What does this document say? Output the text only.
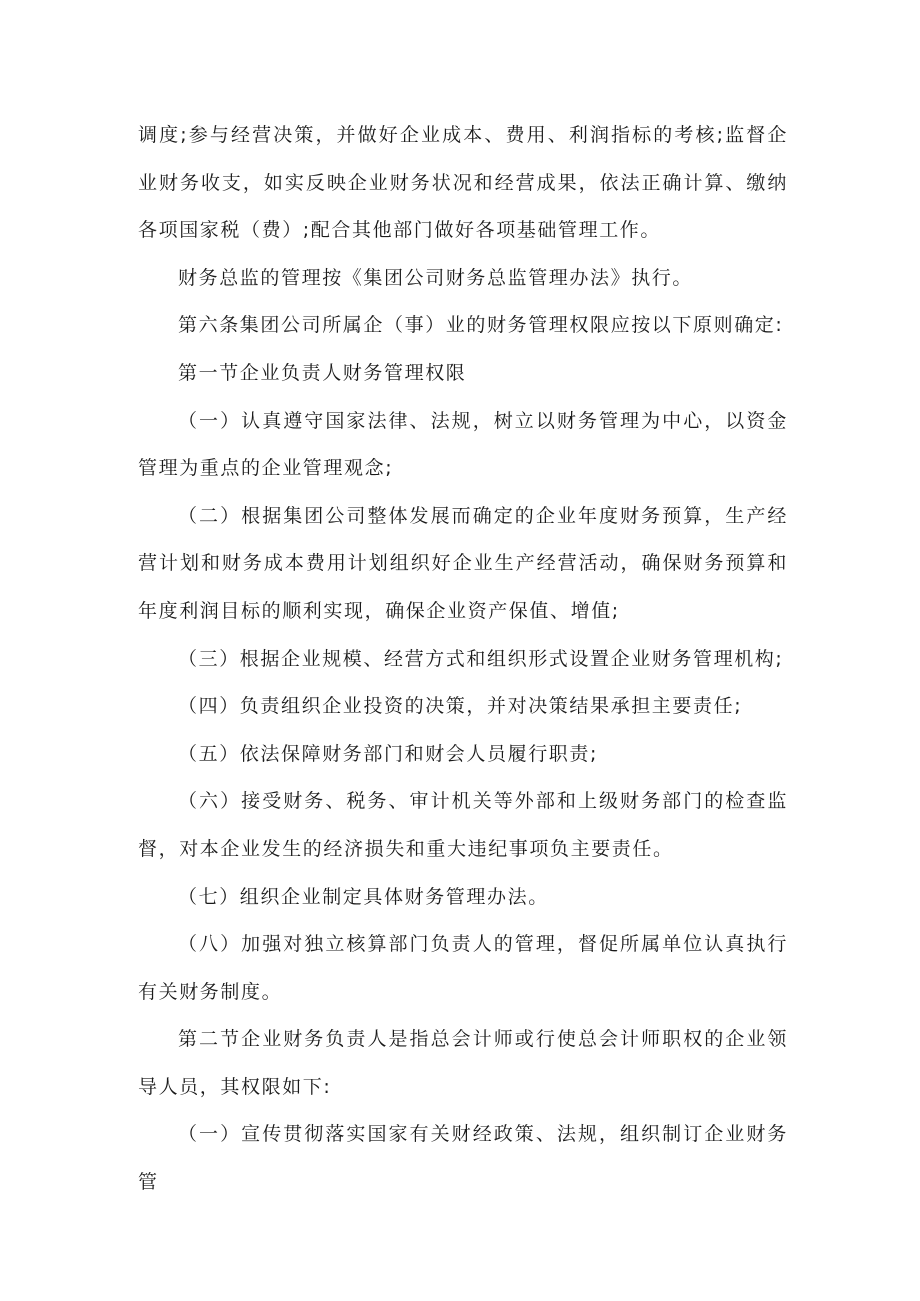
调度;参与经营决策，并做好企业成本、费用、利润指标的考核;监督企业财务收支，如实反映企业财务状况和经营成果，依法正确计算、缴纳各项国家税（费）;配合其他部门做好各项基础管理工作。

财务总监的管理按《集团公司财务总监管理办法》执行。

第六条集团公司所属企（事）业的财务管理权限应按以下原则确定:

第一节企业负责人财务管理权限

（一）认真遵守国家法律、法规，树立以财务管理为中心，以资金管理为重点的企业管理观念;

（二）根据集团公司整体发展而确定的企业年度财务预算，生产经营计划和财务成本费用计划组织好企业生产经营活动，确保财务预算和年度利润目标的顺利实现，确保企业资产保值、增值;

（三）根据企业规模、经营方式和组织形式设置企业财务管理机构;

（四）负责组织企业投资的决策，并对决策结果承担主要责任;

（五）依法保障财务部门和财会人员履行职责;

（六）接受财务、税务、审计机关等外部和上级财务部门的检查监督，对本企业发生的经济损失和重大违纪事项负主要责任。

（七）组织企业制定具体财务管理办法。

（八）加强对独立核算部门负责人的管理，督促所属单位认真执行有关财务制度。

第二节企业财务负责人是指总会计师或行使总会计师职权的企业领导人员，其权限如下:

（一）宣传贯彻落实国家有关财经政策、法规，组织制订企业财务管
